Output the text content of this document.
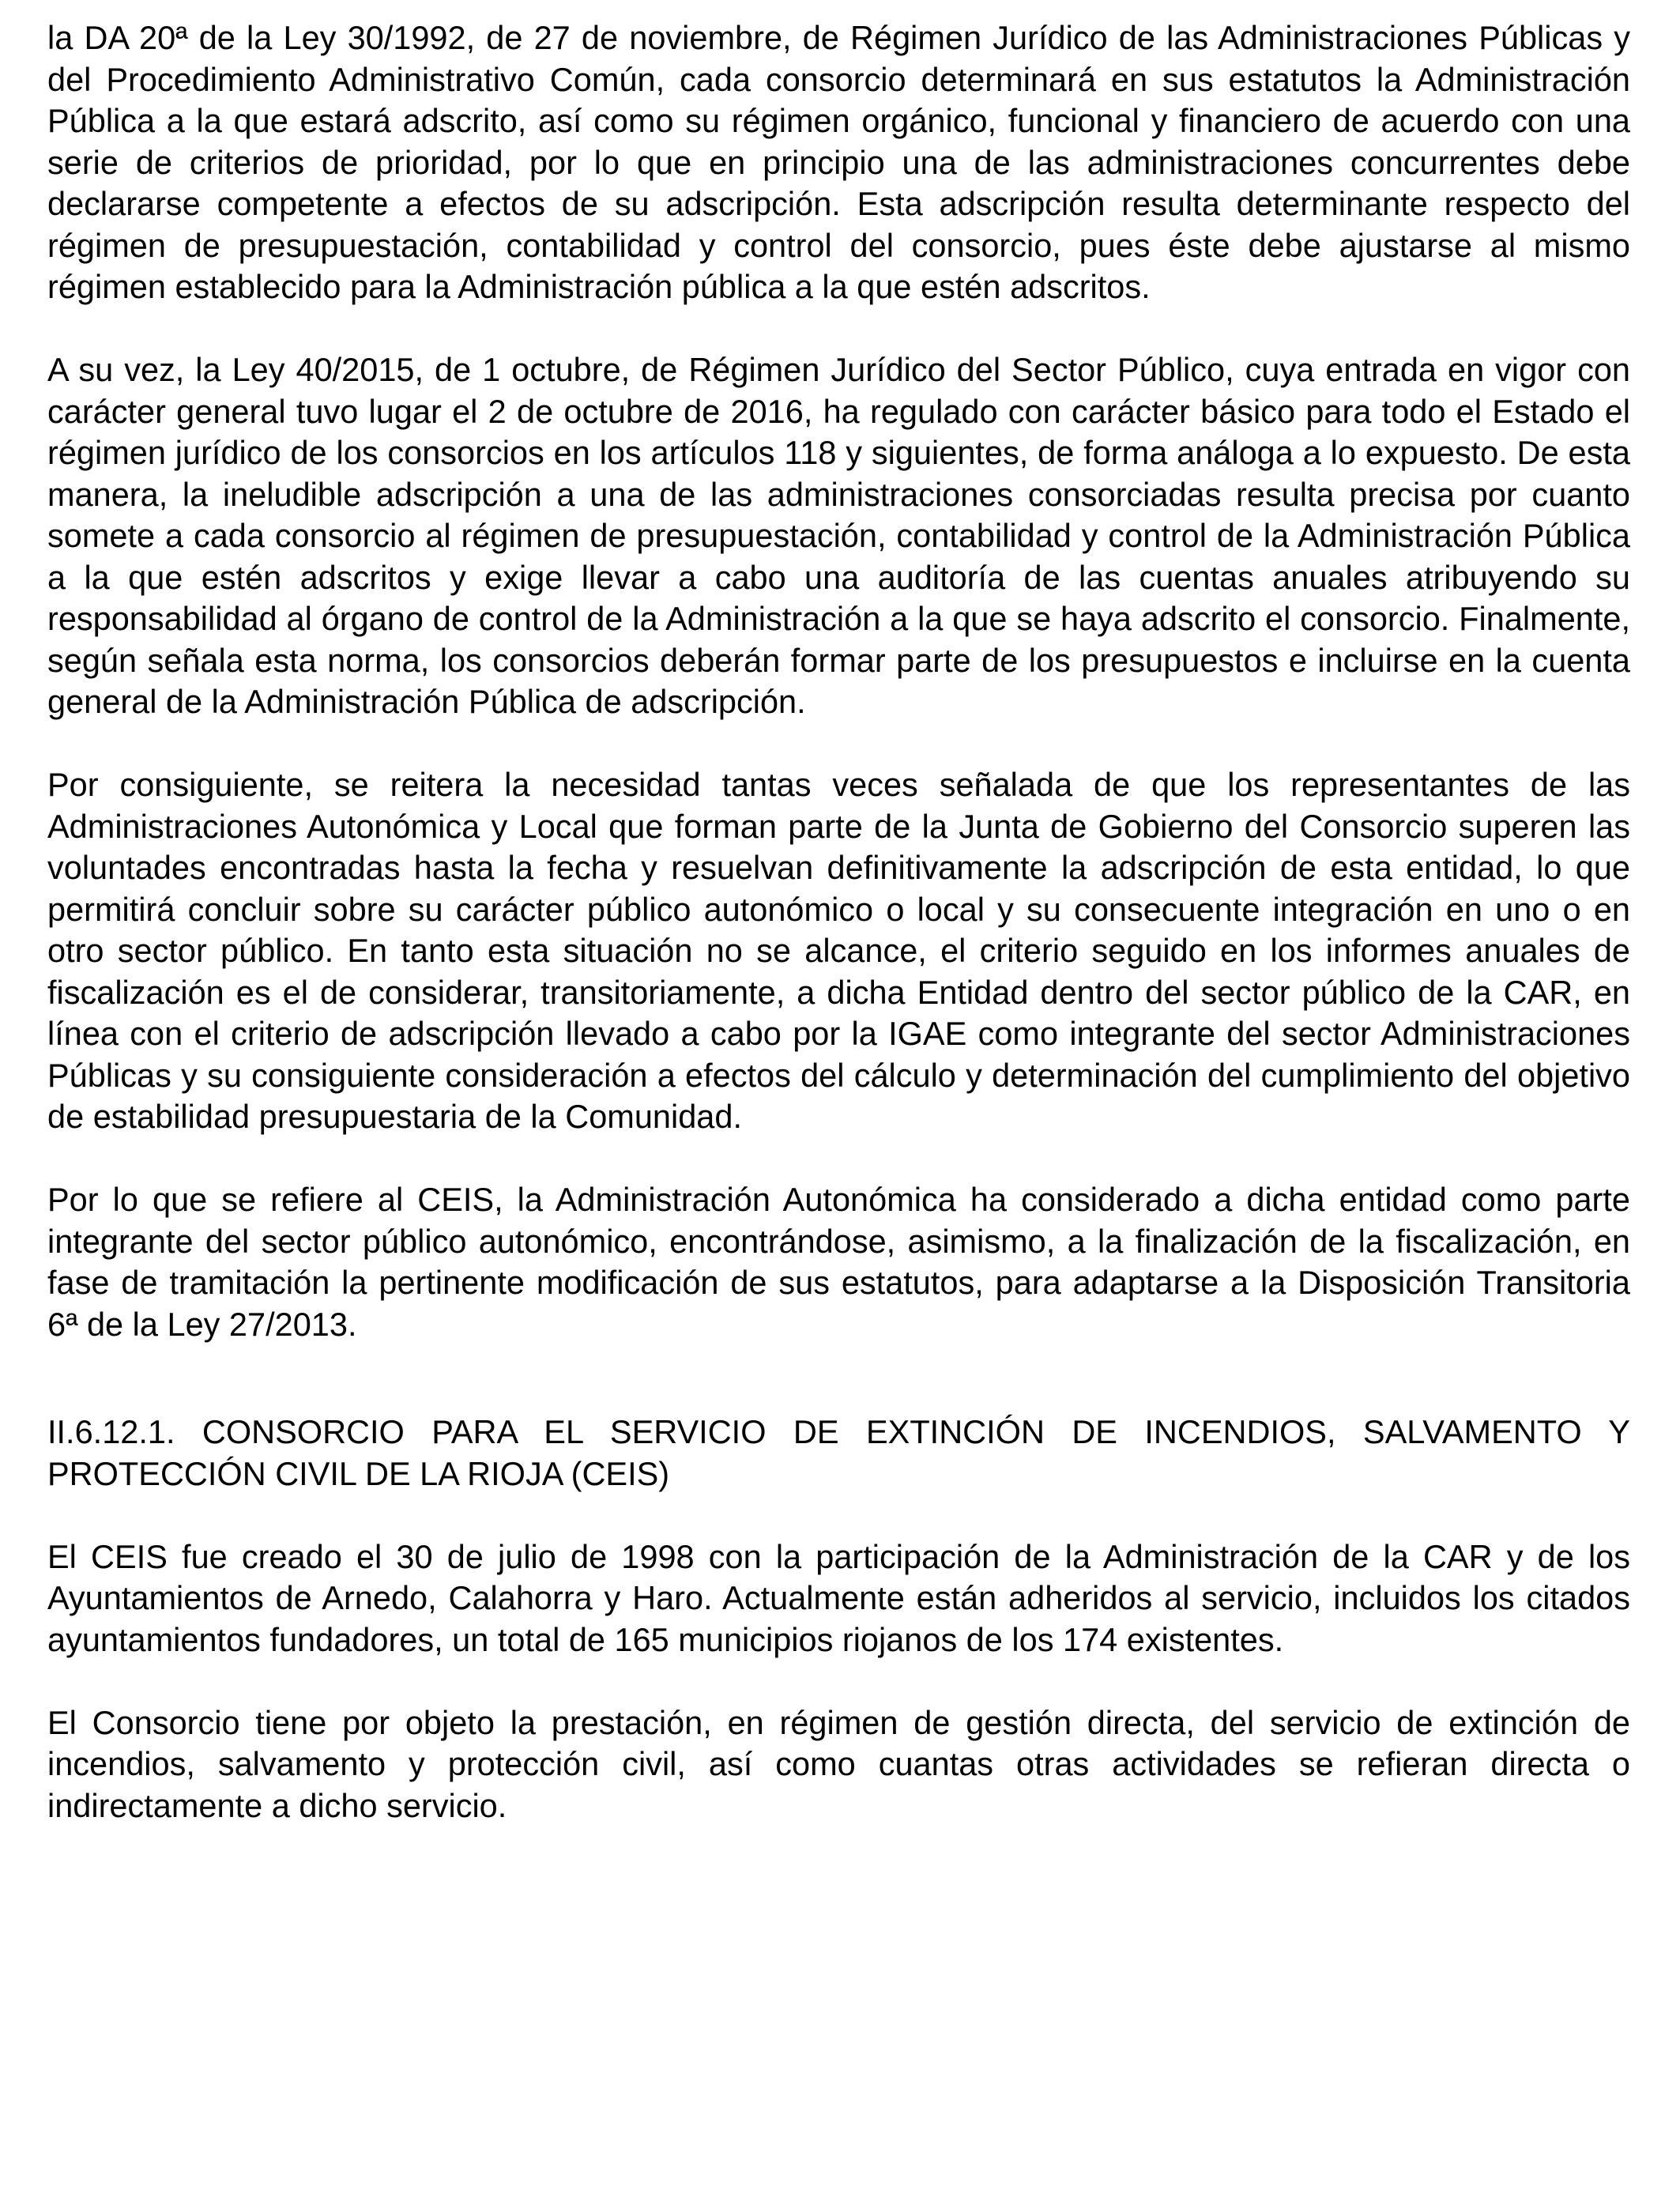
la DA 20ª de la Ley 30/1992, de 27 de noviembre, de Régimen Jurídico de las Administraciones Públicas y del Procedimiento Administrativo Común, cada consorcio determinará en sus estatutos la Administración Pública a la que estará adscrito, así como su régimen orgánico, funcional y financiero de acuerdo con una serie de criterios de prioridad, por lo que en principio una de las administraciones concurrentes debe declararse competente a efectos de su adscripción. Esta adscripción resulta determinante respecto del régimen de presupuestación, contabilidad y control del consorcio, pues éste debe ajustarse al mismo régimen establecido para la Administración pública a la que estén adscritos.

A su vez, la Ley 40/2015, de 1 octubre, de Régimen Jurídico del Sector Público, cuya entrada en vigor con carácter general tuvo lugar el 2 de octubre de 2016, ha regulado con carácter básico para todo el Estado el régimen jurídico de los consorcios en los artículos 118 y siguientes, de forma análoga a lo expuesto. De esta manera, la ineludible adscripción a una de las administraciones consorciadas resulta precisa por cuanto somete a cada consorcio al régimen de presupuestación, contabilidad y control de la Administración Pública a la que estén adscritos y exige llevar a cabo una auditoría de las cuentas anuales atribuyendo su responsabilidad al órgano de control de la Administración a la que se haya adscrito el consorcio. Finalmente, según señala esta norma, los consorcios deberán formar parte de los presupuestos e incluirse en la cuenta general de la Administración Pública de adscripción.

Por consiguiente, se reitera la necesidad tantas veces señalada de que los representantes de las Administraciones Autonómica y Local que forman parte de la Junta de Gobierno del Consorcio superen las voluntades encontradas hasta la fecha y resuelvan definitivamente la adscripción de esta entidad, lo que permitirá concluir sobre su carácter público autonómico o local y su consecuente integración en uno o en otro sector público. En tanto esta situación no se alcance, el criterio seguido en los informes anuales de fiscalización es el de considerar, transitoriamente, a dicha Entidad dentro del sector público de la CAR, en línea con el criterio de adscripción llevado a cabo por la IGAE como integrante del sector Administraciones Públicas y su consiguiente consideración a efectos del cálculo y determinación del cumplimiento del objetivo de estabilidad presupuestaria de la Comunidad.

Por lo que se refiere al CEIS, la Administración Autonómica ha considerado a dicha entidad como parte integrante del sector público autonómico, encontrándose, asimismo, a la finalización de la fiscalización, en fase de tramitación la pertinente modificación de sus estatutos, para adaptarse a la Disposición Transitoria 6ª de la Ley 27/2013.

II.6.12.1. CONSORCIO PARA EL SERVICIO DE EXTINCIÓN DE INCENDIOS, SALVAMENTO Y PROTECCIÓN CIVIL DE LA RIOJA (CEIS)

El CEIS fue creado el 30 de julio de 1998 con la participación de la Administración de la CAR y de los Ayuntamientos de Arnedo, Calahorra y Haro. Actualmente están adheridos al servicio, incluidos los citados ayuntamientos fundadores, un total de 165 municipios riojanos de los 174 existentes.

El Consorcio tiene por objeto la prestación, en régimen de gestión directa, del servicio de extinción de incendios, salvamento y protección civil, así como cuantas otras actividades se refieran directa o indirectamente a dicho servicio.
